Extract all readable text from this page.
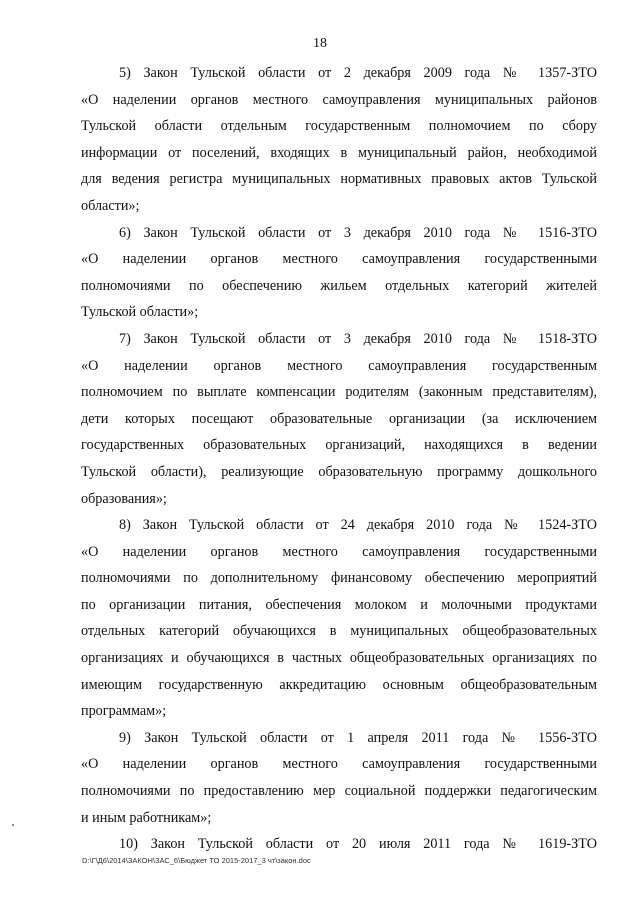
18
5) Закон Тульской области от 2 декабря 2009 года № 1357-ЗТО
«О наделении органов местного самоуправления муниципальных районов
Тульской области отдельным государственным полномочием по сбору
информации от поселений, входящих в муниципальный район, необходимой
для ведения регистра муниципальных нормативных правовых актов Тульской
области»;
6) Закон Тульской области от 3 декабря 2010 года № 1516-ЗТО
«О наделении органов местного самоуправления государственными
полномочиями по обеспечению жильем отдельных категорий жителей
Тульской области»;
7) Закон Тульской области от 3 декабря 2010 года № 1518-ЗТО
«О наделении органов местного самоуправления государственным
полномочием по выплате компенсации родителям (законным представителям),
дети которых посещают образовательные организации (за исключением
государственных образовательных организаций, находящихся в ведении
Тульской области), реализующие образовательную программу дошкольного
образования»;
8) Закон Тульской области от 24 декабря 2010 года № 1524-ЗТО
«О наделении органов местного самоуправления государственными
полномочиями по дополнительному финансовому обеспечению мероприятий
по организации питания, обеспечения молоком и молочными продуктами
отдельных категорий обучающихся в муниципальных общеобразовательных
организациях и обучающихся в частных общеобразовательных организациях по
имеющим государственную аккредитацию основным общеобразовательным
программам»;
9) Закон Тульской области от 1 апреля 2011 года № 1556-ЗТО
«О наделении органов местного самоуправления государственными
полномочиями по предоставлению мер социальной поддержки педагогическим
и иным работникам»;
10) Закон Тульской области от 20 июля 2011 года № 1619-ЗТО
D:\Г\Д6\2014\ЗАКОН\ЗАС_6\Бюджет ТО 2015-2017_3 чт\закон.doc
